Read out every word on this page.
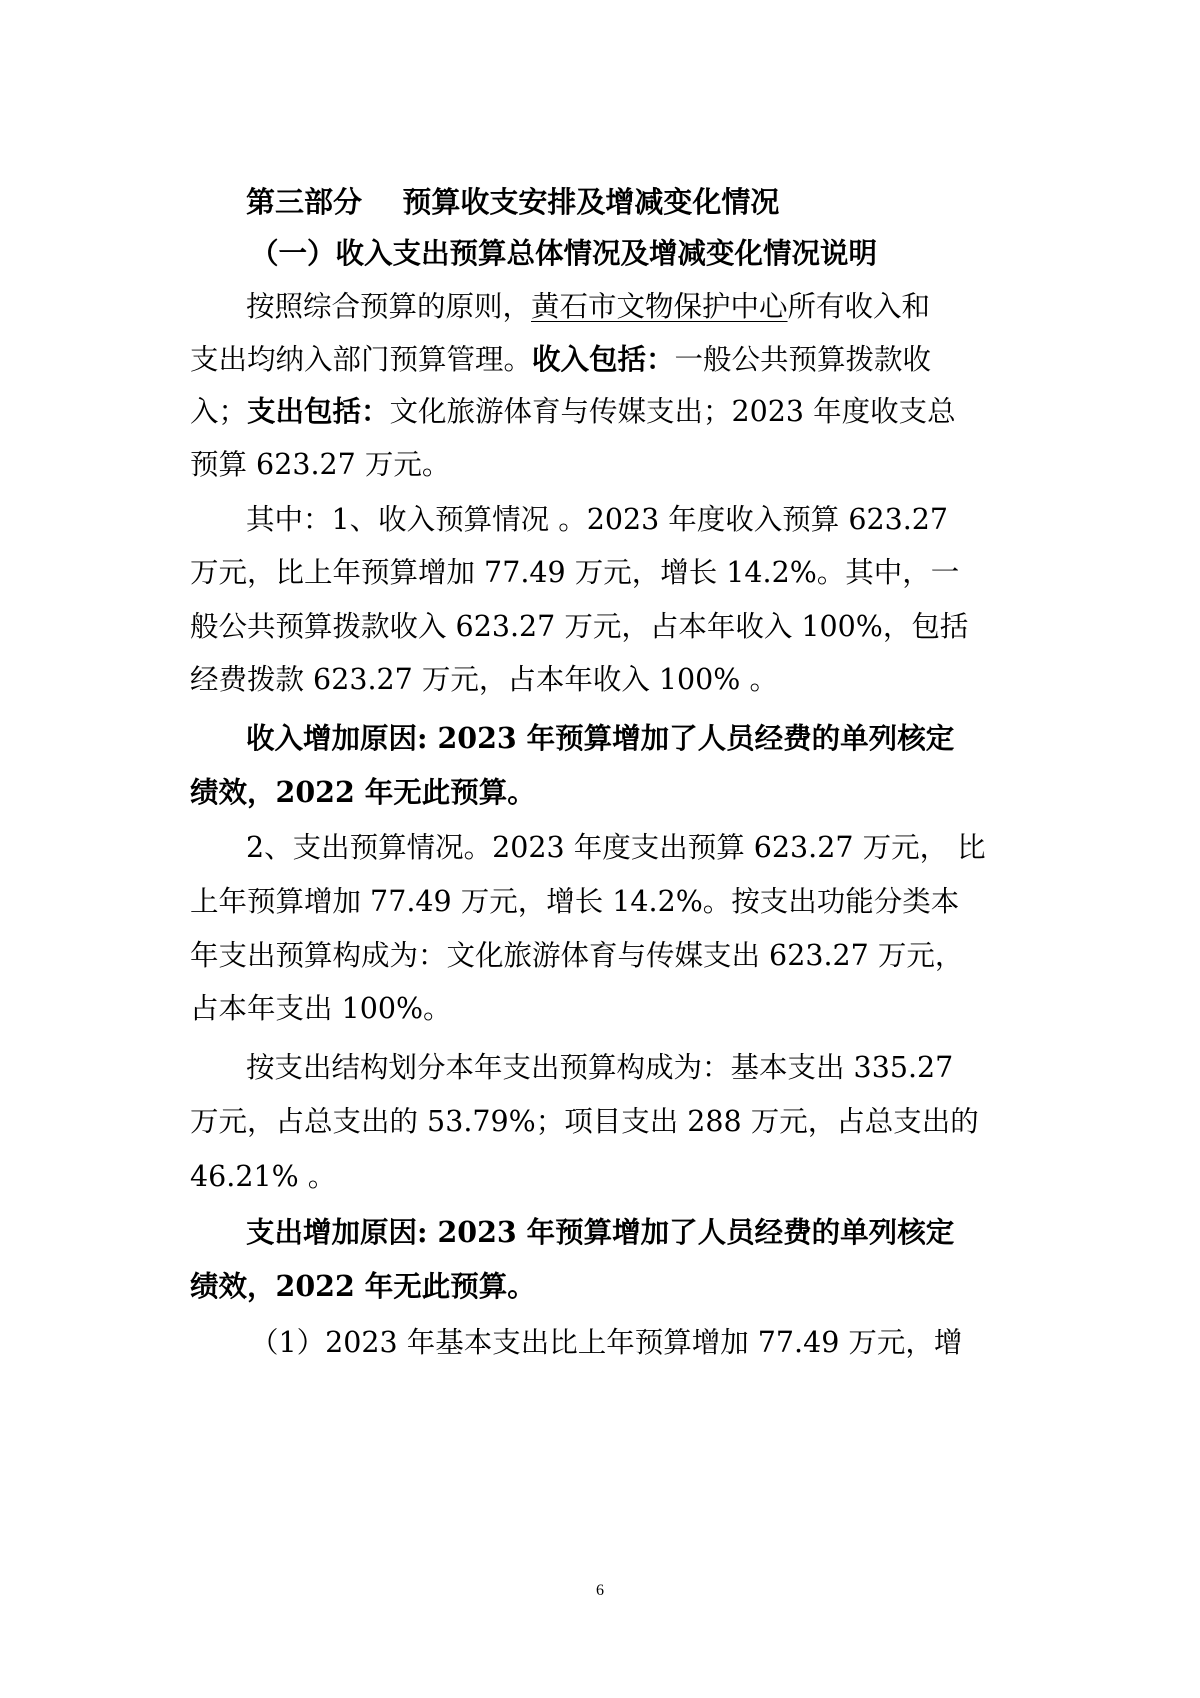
第三部分 预算收支安排及增减变化情况
（一）收入支出预算总体情况及增减变化情况说明
按照综合预算的原则，黄石市文物保护中心所有收入和
支出均纳入部门预算管理。收入包括：一般公共预算拨款收
入；支出包括：文化旅游体育与传媒支出；2023 年度收支总
预算 623.27 万元。
其中：1、收入预算情况 。2023 年度收入预算 623.27
万元，比上年预算增加 77.49 万元，增长 14.2%。其中，一
般公共预算拨款收入 623.27 万元，占本年收入 100%，包括
经费拨款 623.27 万元，占本年收入 100% 。
收入增加原因: 2023 年预算增加了人员经费的单列核定
绩效，2022 年无此预算。
2、支出预算情况。2023 年度支出预算 623.27 万元， 比
上年预算增加 77.49 万元，增长 14.2%。按支出功能分类本
年支出预算构成为：文化旅游体育与传媒支出 623.27 万元，
占本年支出 100%。
按支出结构划分本年支出预算构成为：基本支出 335.27
万元，占总支出的 53.79%；项目支出 288 万元，占总支出的
46.21% 。
支出增加原因: 2023 年预算增加了人员经费的单列核定
绩效，2022 年无此预算。
（1）2023 年基本支出比上年预算增加 77.49 万元，增
6
